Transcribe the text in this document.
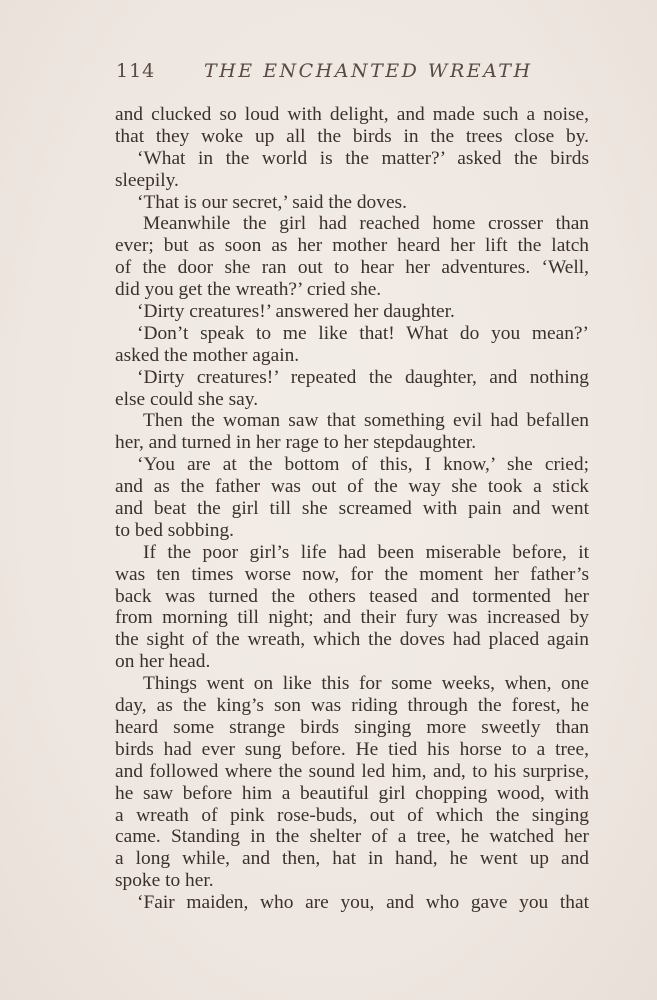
114	THE ENCHANTED WREATH
and clucked so loud with delight, and made such a noise,
that they woke up all the birds in the trees close by.
‘What in the world is the matter?’ asked the birds
sleepily.
‘That is our secret,’ said the doves.
Meanwhile the girl had reached home crosser than
ever; but as soon as her mother heard her lift the latch
of the door she ran out to hear her adventures. ‘Well,
did you get the wreath?’ cried she.
‘Dirty creatures!’ answered her daughter.
‘Don’t speak to me like that! What do you mean?’
asked the mother again.
‘Dirty creatures!’ repeated the daughter, and nothing
else could she say.
Then the woman saw that something evil had befallen
her, and turned in her rage to her stepdaughter.
‘You are at the bottom of this, I know,’ she cried;
and as the father was out of the way she took a stick
and beat the girl till she screamed with pain and went
to bed sobbing.
If the poor girl’s life had been miserable before, it
was ten times worse now, for the moment her father’s
back was turned the others teased and tormented her
from morning till night; and their fury was increased by
the sight of the wreath, which the doves had placed again
on her head.
Things went on like this for some weeks, when, one
day, as the king’s son was riding through the forest, he
heard some strange birds singing more sweetly than
birds had ever sung before. He tied his horse to a tree,
and followed where the sound led him, and, to his surprise,
he saw before him a beautiful girl chopping wood, with
a wreath of pink rose-buds, out of which the singing
came. Standing in the shelter of a tree, he watched her
a long while, and then, hat in hand, he went up and
spoke to her.
‘Fair maiden, who are you, and who gave you that
